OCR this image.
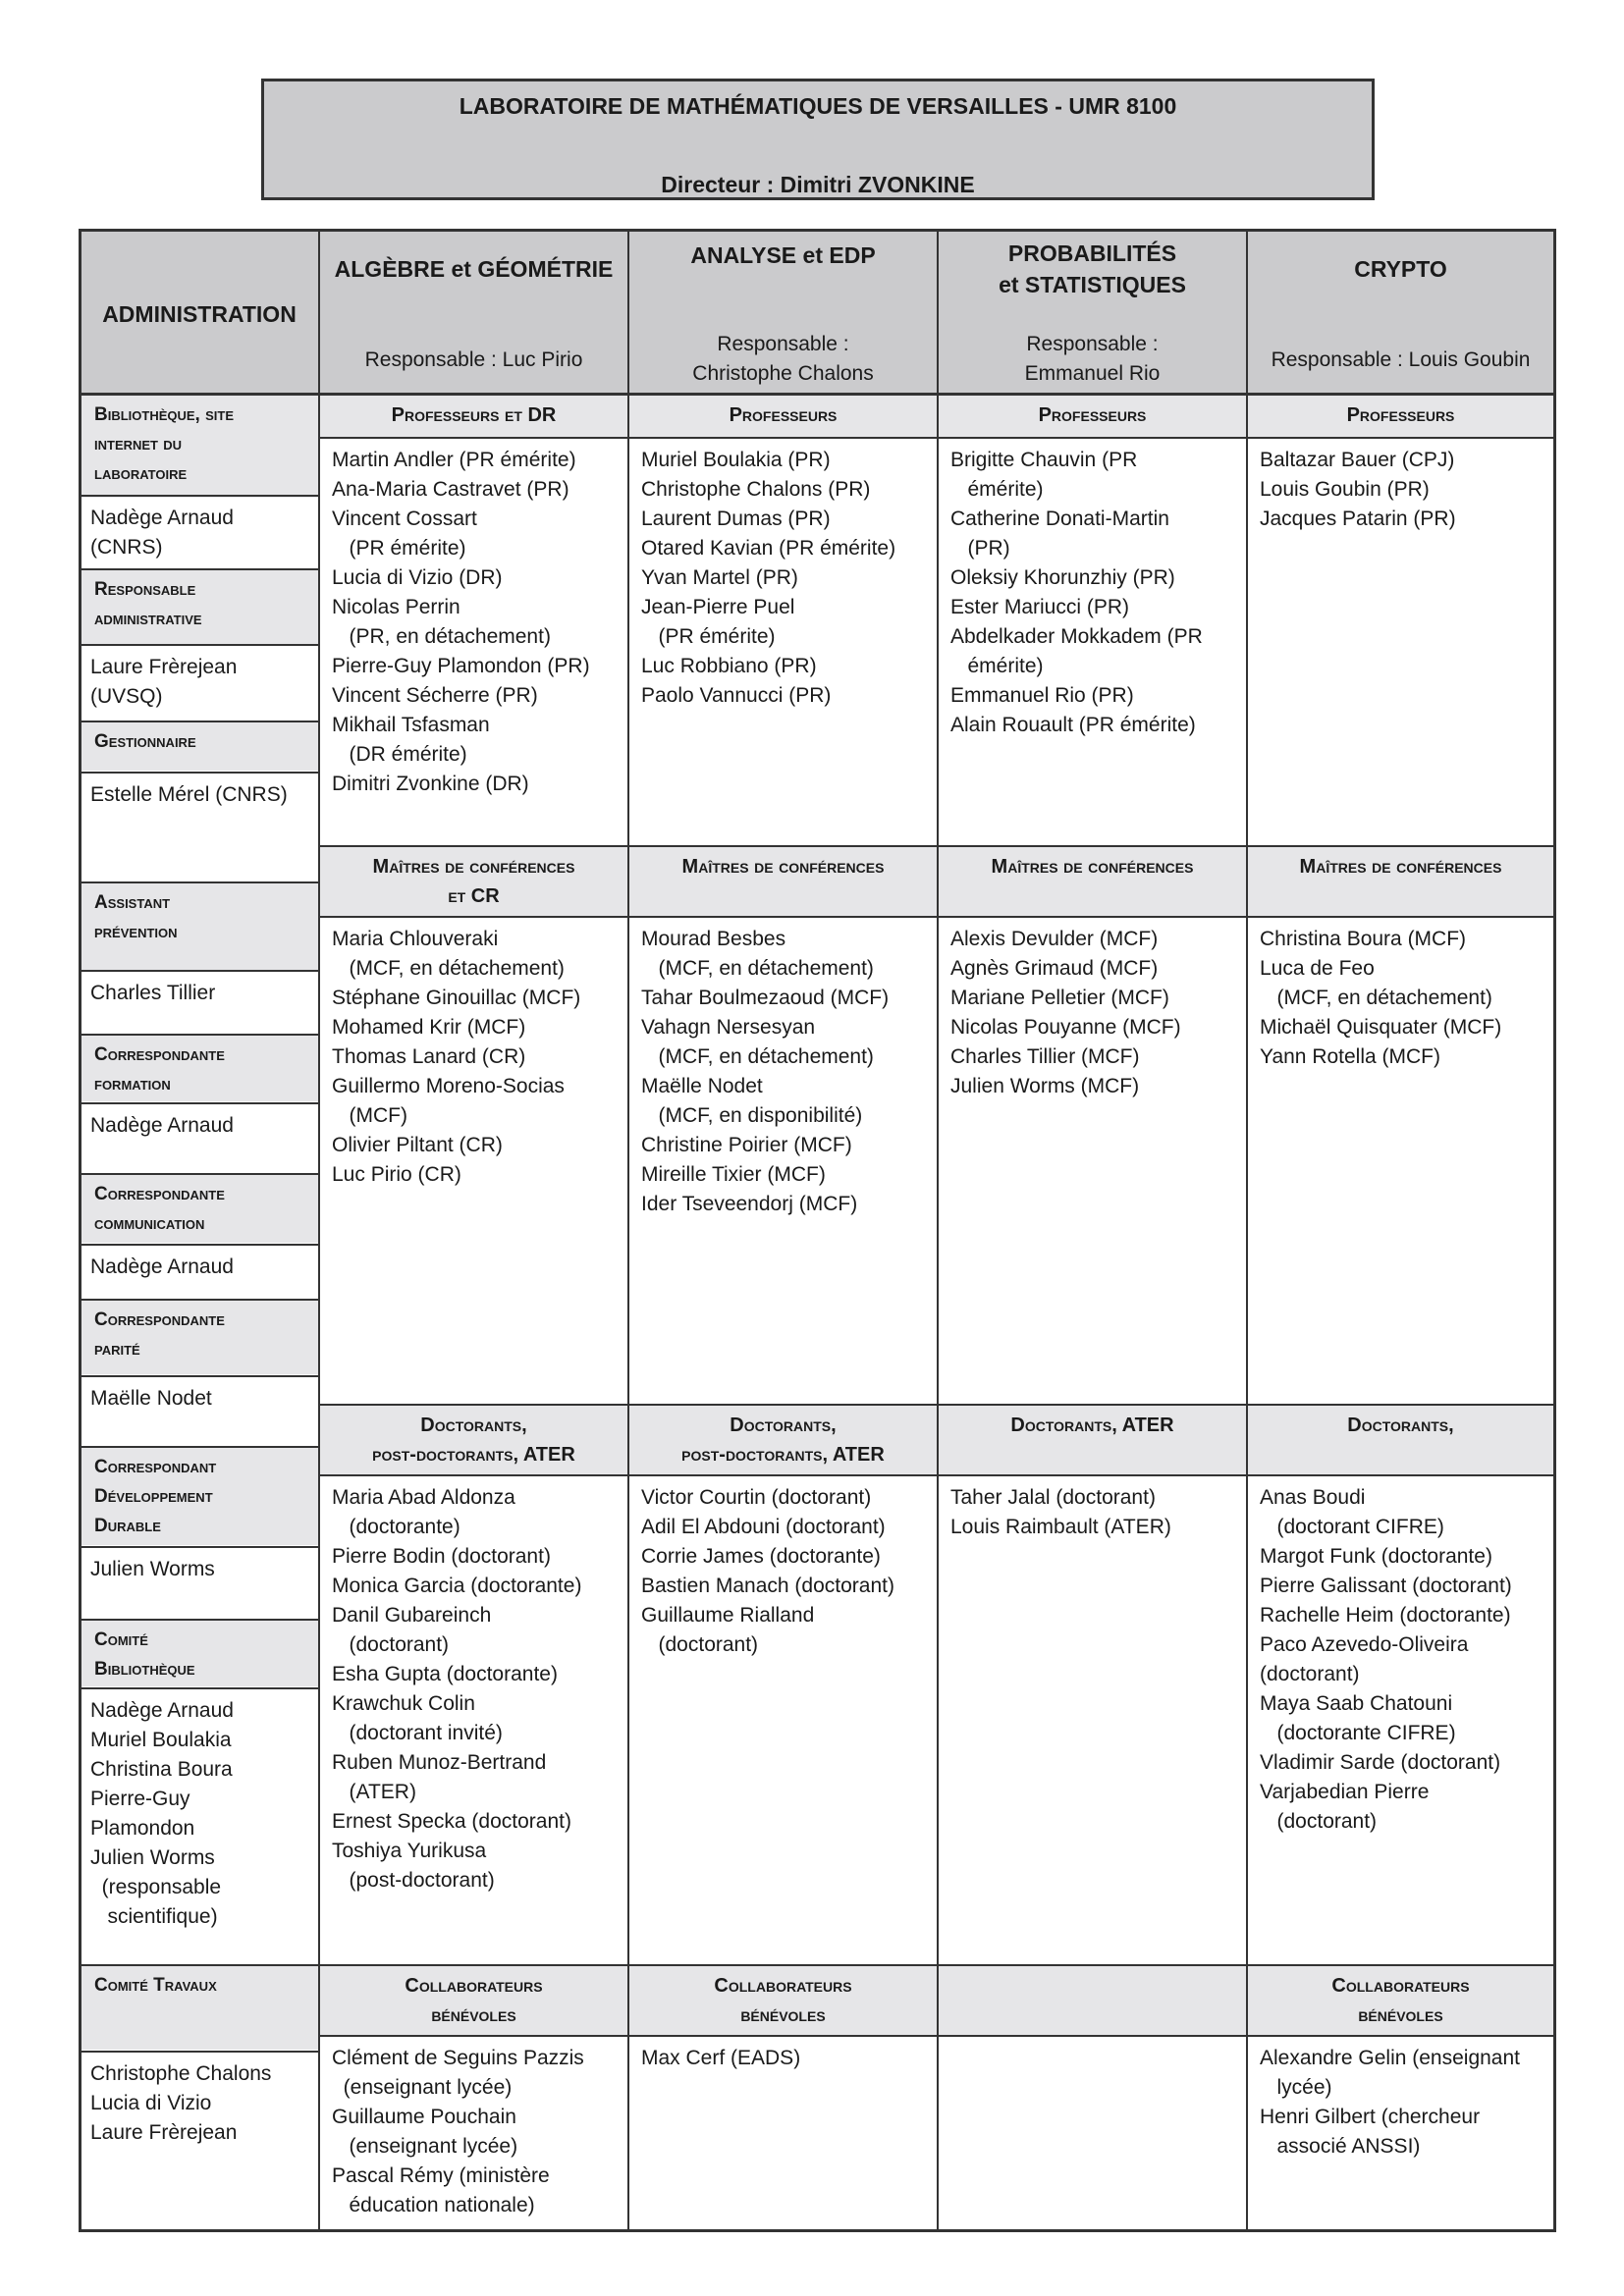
LABORATOIRE DE MATHÉMATIQUES DE VERSAILLES - UMR 8100
Directeur : Dimitri ZVONKINE
ADMINISTRATION
ALGÈBRE et GÉOMÉTRIE
Responsable : Luc Pirio
ANALYSE et EDP
Responsable :
Christophe Chalons
PROBABILITÉS
et STATISTIQUES
Responsable :
Emmanuel Rio
CRYPTO
Responsable : Louis Goubin
Bibliothèque, site
internet du
laboratoire
Nadège Arnaud
(CNRS)
Responsable
administrative
Laure Frèrejean
(UVSQ)
Gestionnaire
Estelle Mérel (CNRS)
Assistant
prévention
Charles Tillier
Correspondante
formation
Nadège Arnaud
Correspondante
communication
Nadège Arnaud
Correspondante
parité
Maëlle Nodet
Correspondant
Développement
Durable
Julien Worms
Comité
Bibliothèque
Nadège Arnaud
Muriel Boulakia
Christina Boura
Pierre-Guy
Plamondon
Julien Worms
(responsable
scientifique)
Comité Travaux
Christophe Chalons
Lucia di Vizio
Laure Frèrejean
Professeurs et DR
Martin Andler (PR émérite)
Ana-Maria Castravet (PR)
Vincent Cossart
(PR émérite)
Lucia di Vizio (DR)
Nicolas Perrin
(PR, en détachement)
Pierre-Guy Plamondon (PR)
Vincent Sécherre (PR)
Mikhail Tsfasman
(DR émérite)
Dimitri Zvonkine (DR)
Professeurs
Muriel Boulakia (PR)
Christophe Chalons (PR)
Laurent Dumas (PR)
Otared Kavian (PR émérite)
Yvan Martel (PR)
Jean-Pierre Puel
(PR émérite)
Luc Robbiano (PR)
Paolo Vannucci (PR)
Professeurs
Brigitte Chauvin (PR
émérite)
Catherine Donati-Martin
(PR)
Oleksiy Khorunzhiy (PR)
Ester Mariucci (PR)
Abdelkader Mokkadem (PR
émérite)
Emmanuel Rio (PR)
Alain Rouault (PR émérite)
Professeurs
Baltazar Bauer (CPJ)
Louis Goubin (PR)
Jacques Patarin (PR)
Maîtres de conférences
et CR
Maria Chlouveraki
(MCF, en détachement)
Stéphane Ginouillac (MCF)
Mohamed Krir (MCF)
Thomas Lanard (CR)
Guillermo Moreno-Socias
(MCF)
Olivier Piltant (CR)
Luc Pirio (CR)
Maîtres de conférences
Mourad Besbes
(MCF, en détachement)
Tahar Boulmezaoud (MCF)
Vahagn Nersesyan
(MCF, en détachement)
Maëlle Nodet
(MCF, en disponibilité)
Christine Poirier (MCF)
Mireille Tixier (MCF)
Ider Tseveendorj (MCF)
Maîtres de conférences
Alexis Devulder (MCF)
Agnès Grimaud (MCF)
Mariane Pelletier (MCF)
Nicolas Pouyanne (MCF)
Charles Tillier (MCF)
Julien Worms (MCF)
Maîtres de conférences
Christina Boura (MCF)
Luca de Feo
(MCF, en détachement)
Michaël Quisquater (MCF)
Yann Rotella (MCF)
Doctorants,
post-doctorants, ATER
Maria Abad Aldonza
(doctorante)
Pierre Bodin (doctorant)
Monica Garcia (doctorante)
Danil Gubareinch
(doctorant)
Esha Gupta (doctorante)
Krawchuk Colin
(doctorant invité)
Ruben Munoz-Bertrand
(ATER)
Ernest Specka (doctorant)
Toshiya Yurikusa
(post-doctorant)
Doctorants,
post-doctorants, ATER
Victor Courtin (doctorant)
Adil El Abdouni (doctorant)
Corrie James (doctorante)
Bastien Manach (doctorant)
Guillaume Rialland
(doctorant)
Doctorants, ATER
Taher Jalal (doctorant)
Louis Raimbault (ATER)
Doctorants,
Anas Boudi
(doctorant CIFRE)
Margot Funk (doctorante)
Pierre Galissant (doctorant)
Rachelle Heim (doctorante)
Paco Azevedo-Oliveira
(doctorant)
Maya Saab Chatouni
(doctorante CIFRE)
Vladimir Sarde (doctorant)
Varjabedian Pierre
(doctorant)
Collaborateurs
bénévoles
Clément de Seguins Pazzis
(enseignant lycée)
Guillaume Pouchain
(enseignant lycée)
Pascal Rémy (ministère
éducation nationale)
Collaborateurs
bénévoles
Max Cerf (EADS)
Collaborateurs
bénévoles
Alexandre Gelin (enseignant
lycée)
Henri Gilbert (chercheur
associé ANSSI)
